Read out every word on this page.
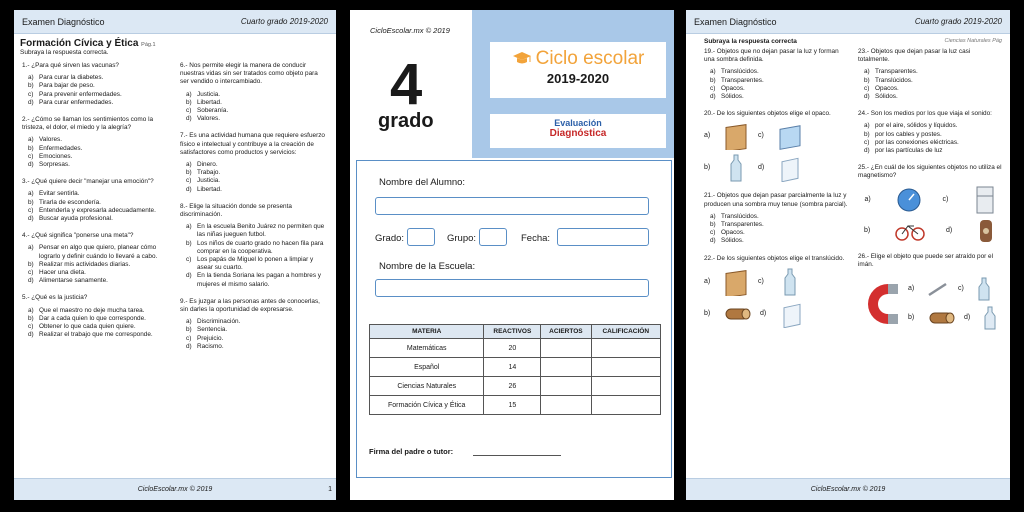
Examen Diagnóstico	Cuarto grado 2019-2020
Formación Cívica y Ética Pág.1
Subraya la respuesta correcta.

1.- ¿Para qué sirven las vacunas?

a) Para curar la diabetes.
b) Para bajar de peso.
c) Para prevenir enfermedades.
d) Para curar enfermedades.

2.- ¿Cómo se llaman los sentimientos como la tristeza, el dolor, el miedo y la alegría?

a) Valores.
b) Enfermedades.
c) Emociones.
d) Sorpresas.

3.- ¿Qué quiere decir "manejar una emoción"?

a) Evitar sentirla.
b) Tirarla de escondería.
c) Entenderla y expresarla adecuadamente.
d) Buscar ayuda profesional.

4.- ¿Qué significa "ponerse una meta"?

a) Pensar en algo que quiero, planear cómo lograrlo y definir cuándo lo llevaré a cabo.
b) Realizar mis actividades diarias.
c) Hacer una dieta.
d) Alimentarse sanamente.

5.- ¿Qué es la justicia?

a) Que el maestro no deje mucha tarea.
b) Dar a cada quien lo que corresponde.
c) Obtener lo que cada quien quiere.
d) Realizar el trabajo que me corresponde.

6.- Nos permite elegir la manera de conducir nuestras vidas sin ser tratados como objeto para ser vendido o intercambiado.

a) Justicia.
b) Libertad.
c) Soberanía.
d) Valores.

7.- Es una actividad humana que requiere esfuerzo físico e intelectual y contribuye a la creación de satisfactores como productos y servicios:

a) Dinero.
b) Trabajo.
c) Justicia.
d) Libertad.

8.- Elige la situación donde se presenta discriminación.

a) En la escuela Benito Juárez no permiten que las niñas jueguen futbol.
b) Los niños de cuarto grado no hacen fila para comprar en la cooperativa.
c) Los papás de Miguel lo ponen a limpiar y asear su cuarto.
d) En la tienda Soriana les pagan a hombres y mujeres el mismo salario.

9.- Es juzgar a las personas antes de conocerlas, sin darles la oportunidad de expresarse.

a) Discriminación.
b) Sentencia.
c) Prejuicio.
d) Racismo.
CicloEscolar.mx © 2019	1
CicloEscolar.mx © 2019
4
grado
Ciclo escolar
2019-2020
Evaluación
Diagnóstica
Nombre del Alumno:
Grado:	Grupo:	Fecha:
Nombre de la Escuela:
MATERIA	REACTIVOS	ACIERTOS	CALIFICACIÓN
Matemáticas	20		
Español	14		
Ciencias Naturales	26		
Formación Cívica y Ética	15		
Firma del padre o tutor:
Examen Diagnóstico	Cuarto grado 2019-2020
Subraya la respuesta correcta	Ciencias Naturales Pág

19.- Objetos que no dejan pasar la luz y forman una sombra definida.

a) Translúcidos.
b) Transparentes.
c) Opacos.
d) Sólidos.

20.- De los siguientes objetos elige el opaco.

a)	c)
b)	d)

21.- Objetos que dejan pasar parcialmente la luz y producen una sombra muy tenue (sombra parcial).

a) Translúcidos.
b) Transparentes.
c) Opacos.
d) Sólidos.

22.- De los siguientes objetos elige el translúcido.

a)	c)
b)	d)

23.- Objetos que dejan pasar la luz casi totalmente.

a) Transparentes.
b) Translúcidos.
c) Opacos.
d) Sólidos.

24.- Son los medios por los que viaja el sonido:

a) por el aire, sólidos y líquidos.
b) por los cables y postes.
c) por las conexiones eléctricas.
d) por las partículas de luz

25.- ¿En cuál de los siguientes objetos no utiliza el magnetismo?

a)	c)
b)	d)

26.- Elige el objeto que puede ser atraído por el imán.

a)	c)
b)	d)
CicloEscolar.mx © 2019
